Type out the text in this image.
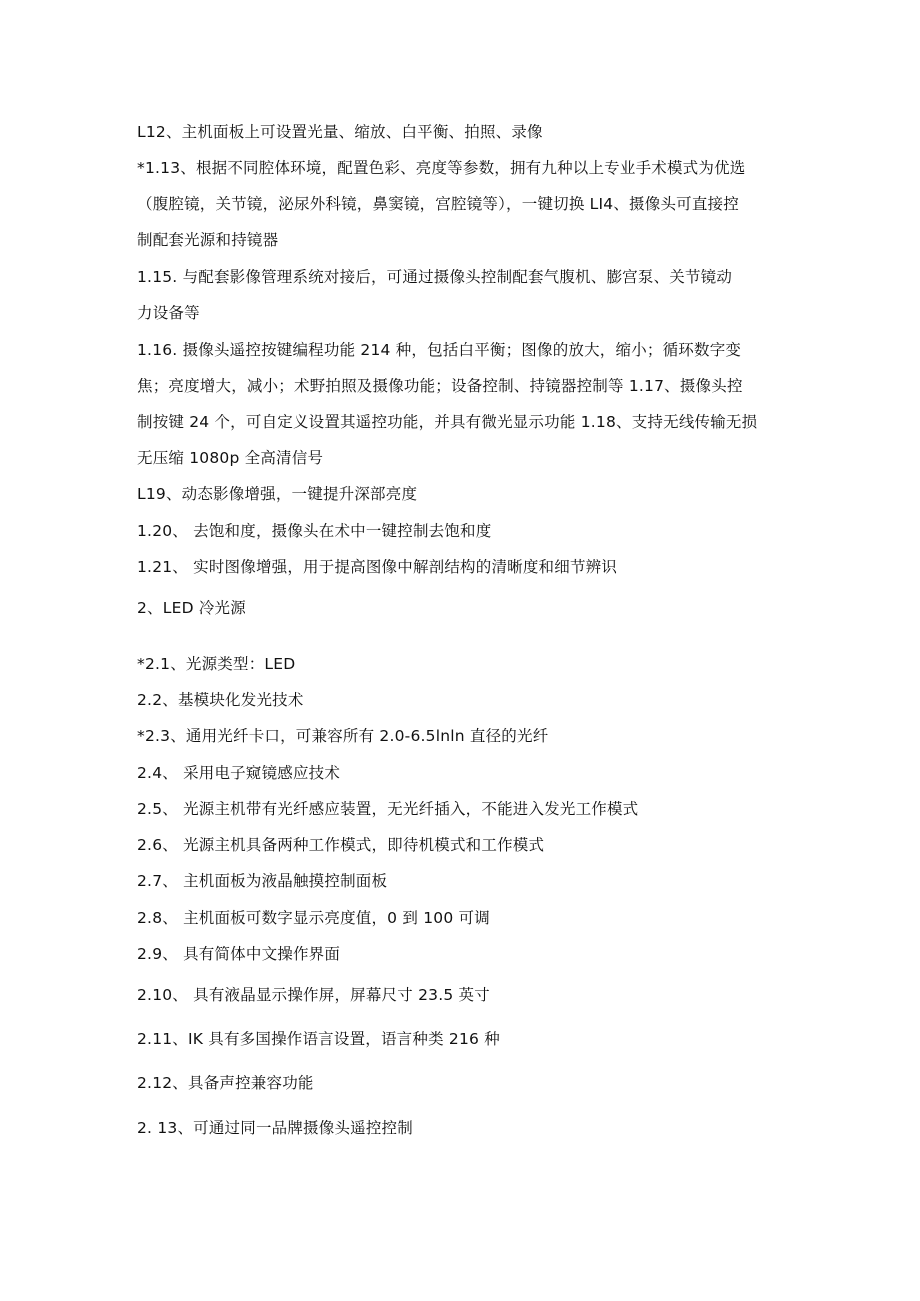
L12、主机面板上可设置光量、缩放、白平衡、拍照、录像
*1.13、根据不同腔体环境，配置色彩、亮度等参数，拥有九种以上专业手术模式为优选
（腹腔镜，关节镜，泌尿外科镜，鼻窦镜，宫腔镜等），一键切换 LI4、摄像头可直接控
制配套光源和持镜器
1.15. 与配套影像管理系统对接后，可通过摄像头控制配套气腹机、膨宫泵、关节镜动
力设备等
1.16. 摄像头遥控按键编程功能 214 种，包括白平衡；图像的放大，缩小；循环数字变
焦；亮度增大，减小；术野拍照及摄像功能；设备控制、持镜器控制等 1.17、摄像头控
制按键 24 个，可自定义设置其遥控功能，并具有微光显示功能 1.18、支持无线传输无损
无压缩 1080p 全高清信号
L19、动态影像增强，一键提升深部亮度
1.20、 去饱和度，摄像头在术中一键控制去饱和度
1.21、 实时图像增强，用于提高图像中解剖结构的清晰度和细节辨识
2、LED 冷光源
*2.1、光源类型：LED
2.2、基模块化发光技术
*2.3、通用光纤卡口，可兼容所有 2.0-6.5lnln 直径的光纤
2.4、 采用电子窥镜感应技术
2.5、 光源主机带有光纤感应装置，无光纤插入，不能进入发光工作模式
2.6、 光源主机具备两种工作模式，即待机模式和工作模式
2.7、 主机面板为液晶触摸控制面板
2.8、 主机面板可数字显示亮度值，0 到 100 可调
2.9、 具有简体中文操作界面
2.10、 具有液晶显示操作屏，屏幕尺寸 23.5 英寸
2.11、IK 具有多国操作语言设置，语言种类 216 种
2.12、具备声控兼容功能
2. 13、可通过同一品牌摄像头遥控控制
